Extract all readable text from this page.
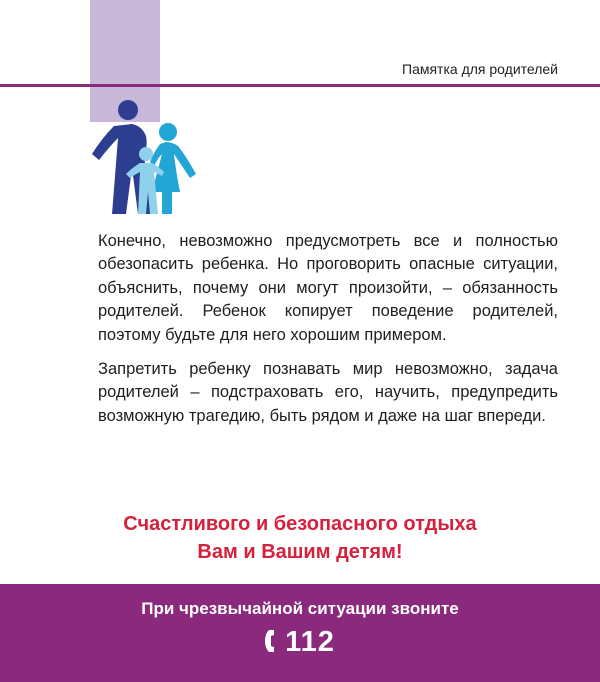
Памятка для родителей

Конечно, невозможно предусмотреть все и полностью обезопасить ребенка. Но проговорить опасные ситуации, объяснить, почему они могут произойти, – обязанность родителей. Ребенок копирует поведение родителей, поэтому будьте для него хорошим примером.

Запретить ребенку познавать мир невозможно, задача родителей – подстраховать его, научить, предупредить возможную трагедию, быть рядом и даже на шаг впереди.

Счастливого и безопасного отдыха
Вам и Вашим детям!
При чрезвычайной ситуации звоните
112
